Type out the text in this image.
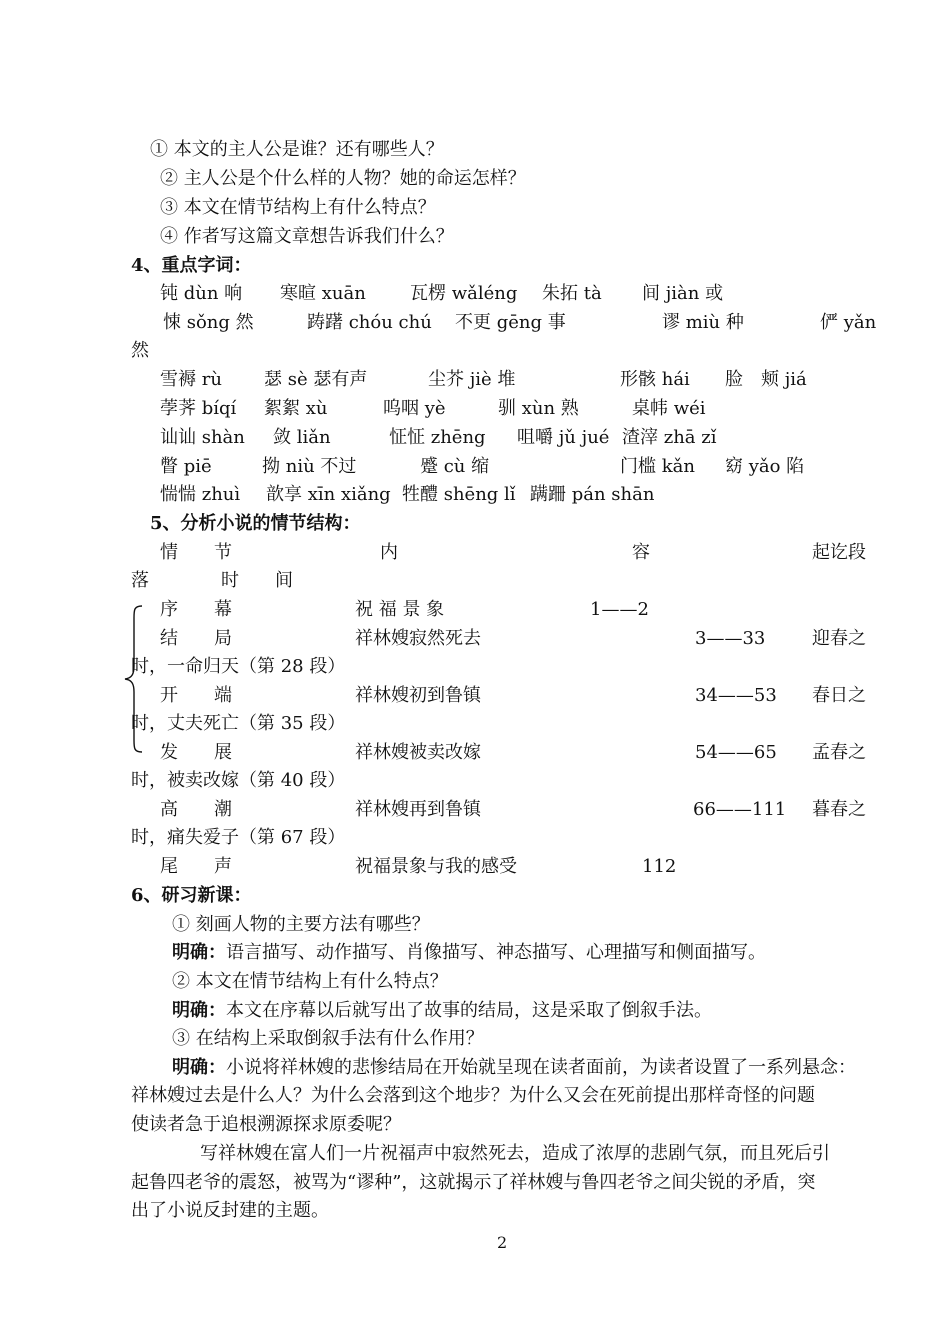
① 本文的主人公是谁？还有哪些人？
② 主人公是个什么样的人物？她的命运怎样？
③ 本文在情节结构上有什么特点？
④ 作者写这篇文章想告诉我们什么？
4、重点字词：
钝 dùn 响 寒暄 xuān 瓦楞 wǎléng 朱拓 tà 间 jiàn 或
悚 sǒng 然	踌躇 chóu chú 不更 gēng 事	谬 miù 种	俨 yǎn
然
雪褥 rù 瑟 sè 瑟有声	尘芥 jiè 堆	形骸 hái 脸　颊 jiá
荸荠 bíqí 絮絮 xù	呜咽 yè	驯 xùn 熟	桌帏 wéi
讪讪 shàn 敛 liǎn	怔怔 zhēng 咀嚼 jǔ jué 渣滓 zhā zǐ
瞥 piē	拗 niù 不过	蹙 cù 缩	门槛 kǎn 窈 yǎo 陷
惴惴 zhuì 歆享 xīn xiǎng 牲醴 shēng lǐ 蹒跚 pán shān
5、分析小说的情节结构：
情　　节	内	容	起讫段
落　　　　时　　间
序　　幕	祝 福 景 象	1——2
结　　局	祥林嫂寂然死去	3——33	迎春之
时，一命归天（第 28 段）
开　　端	祥林嫂初到鲁镇	34——53 春日之
时，丈夫死亡（第 35 段）
发　　展	祥林嫂被卖改嫁	54——65 孟春之
时，被卖改嫁（第 40 段）
高　　潮	祥林嫂再到鲁镇	66——111 暮春之
时，痛失爱子（第 67 段）
尾　　声	祝福景象与我的感受	112
6、研习新课：
① 刻画人物的主要方法有哪些？
明确：语言描写、动作描写、肖像描写、神态描写、心理描写和侧面描写。
② 本文在情节结构上有什么特点？
明确：本文在序幕以后就写出了故事的结局，这是采取了倒叙手法。
③ 在结构上采取倒叙手法有什么作用？
明确：小说将祥林嫂的悲惨结局在开始就呈现在读者面前，为读者设置了一系列悬念：
祥林嫂过去是什么人？为什么会落到这个地步？为什么又会在死前提出那样奇怪的问题
使读者急于追根溯源探求原委呢？
写祥林嫂在富人们一片祝福声中寂然死去，造成了浓厚的悲剧气氛，而且死后引
起鲁四老爷的震怒，被骂为“谬种”，这就揭示了祥林嫂与鲁四老爷之间尖锐的矛盾，突
出了小说反封建的主题。
2
